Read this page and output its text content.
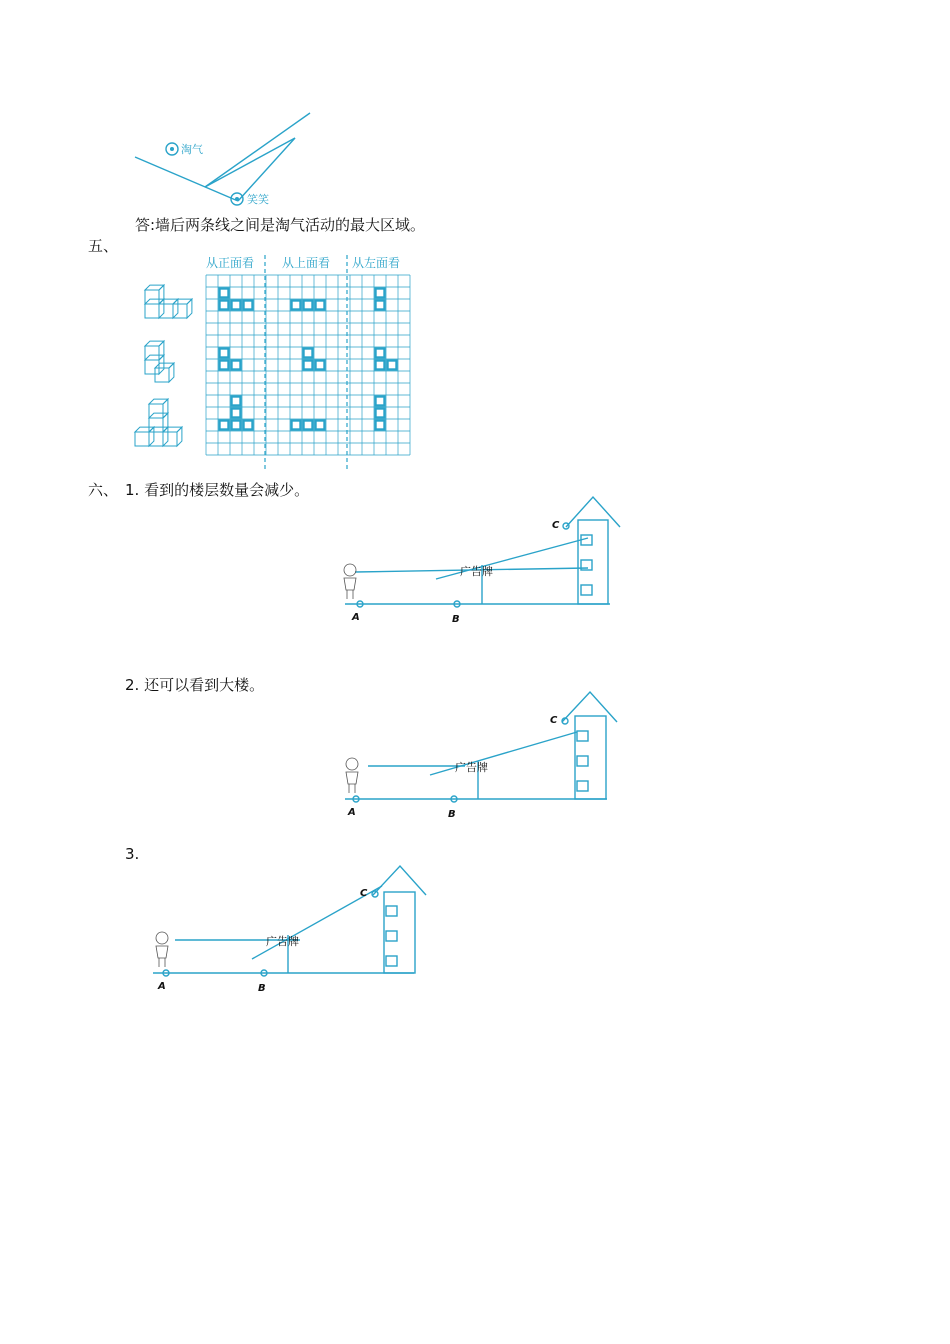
淘气
笑笑
答:墙后两条线之间是淘气活动的最大区域。
五、
从正面看 从上面看 从左面看
六、 1. 看到的楼层数量会减少。
广告牌
A	B
C
2. 还可以看到大楼。
广告牌
A	B
C
3.
广告牌
A	B
C
